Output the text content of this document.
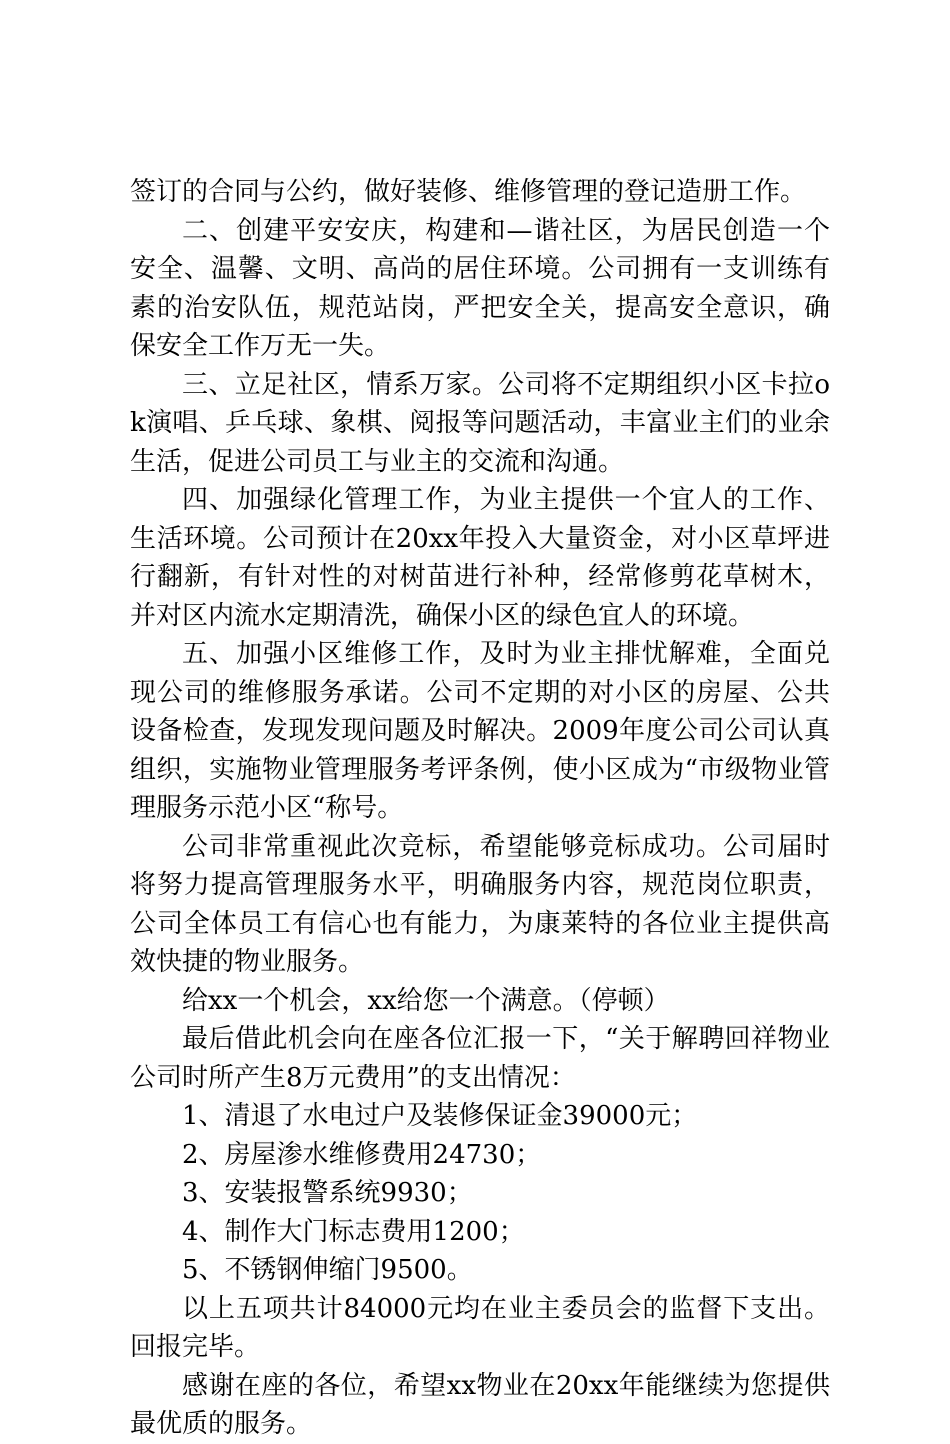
签订的合同与公约，做好装修、维修管理的登记造册工作。

二、创建平安安庆，构建和—谐社区，为居民创造一个安全、温馨、文明、高尚的居住环境。公司拥有一支训练有素的治安队伍，规范站岗，严把安全关，提高安全意识，确保安全工作万无一失。

三、立足社区，情系万家。公司将不定期组织小区卡拉ok演唱、乒乓球、象棋、阅报等问题活动，丰富业主们的业余生活，促进公司员工与业主的交流和沟通。

四、加强绿化管理工作，为业主提供一个宜人的工作、生活环境。公司预计在20xx年投入大量资金，对小区草坪进行翻新，有针对性的对树苗进行补种，经常修剪花草树木，并对区内流水定期清洗，确保小区的绿色宜人的环境。

五、加强小区维修工作，及时为业主排忧解难，全面兑现公司的维修服务承诺。公司不定期的对小区的房屋、公共设备检查，发现发现问题及时解决。2009年度公司公司认真组织，实施物业管理服务考评条例，使小区成为“市级物业管理服务示范小区“称号。

公司非常重视此次竞标，希望能够竞标成功。公司届时将努力提高管理服务水平，明确服务内容，规范岗位职责，公司全体员工有信心也有能力，为康莱特的各位业主提供高效快捷的物业服务。

给xx一个机会，xx给您一个满意。（停顿）

最后借此机会向在座各位汇报一下，“关于解聘回祥物业公司时所产生8万元费用”的支出情况：

1、清退了水电过户及装修保证金39000元；

2、房屋渗水维修费用24730；

3、安装报警系统9930；

4、制作大门标志费用1200；

5、不锈钢伸缩门9500。

以上五项共计84000元均在业主委员会的监督下支出。回报完毕。

感谢在座的各位，希望xx物业在20xx年能继续为您提供最优质的服务。
